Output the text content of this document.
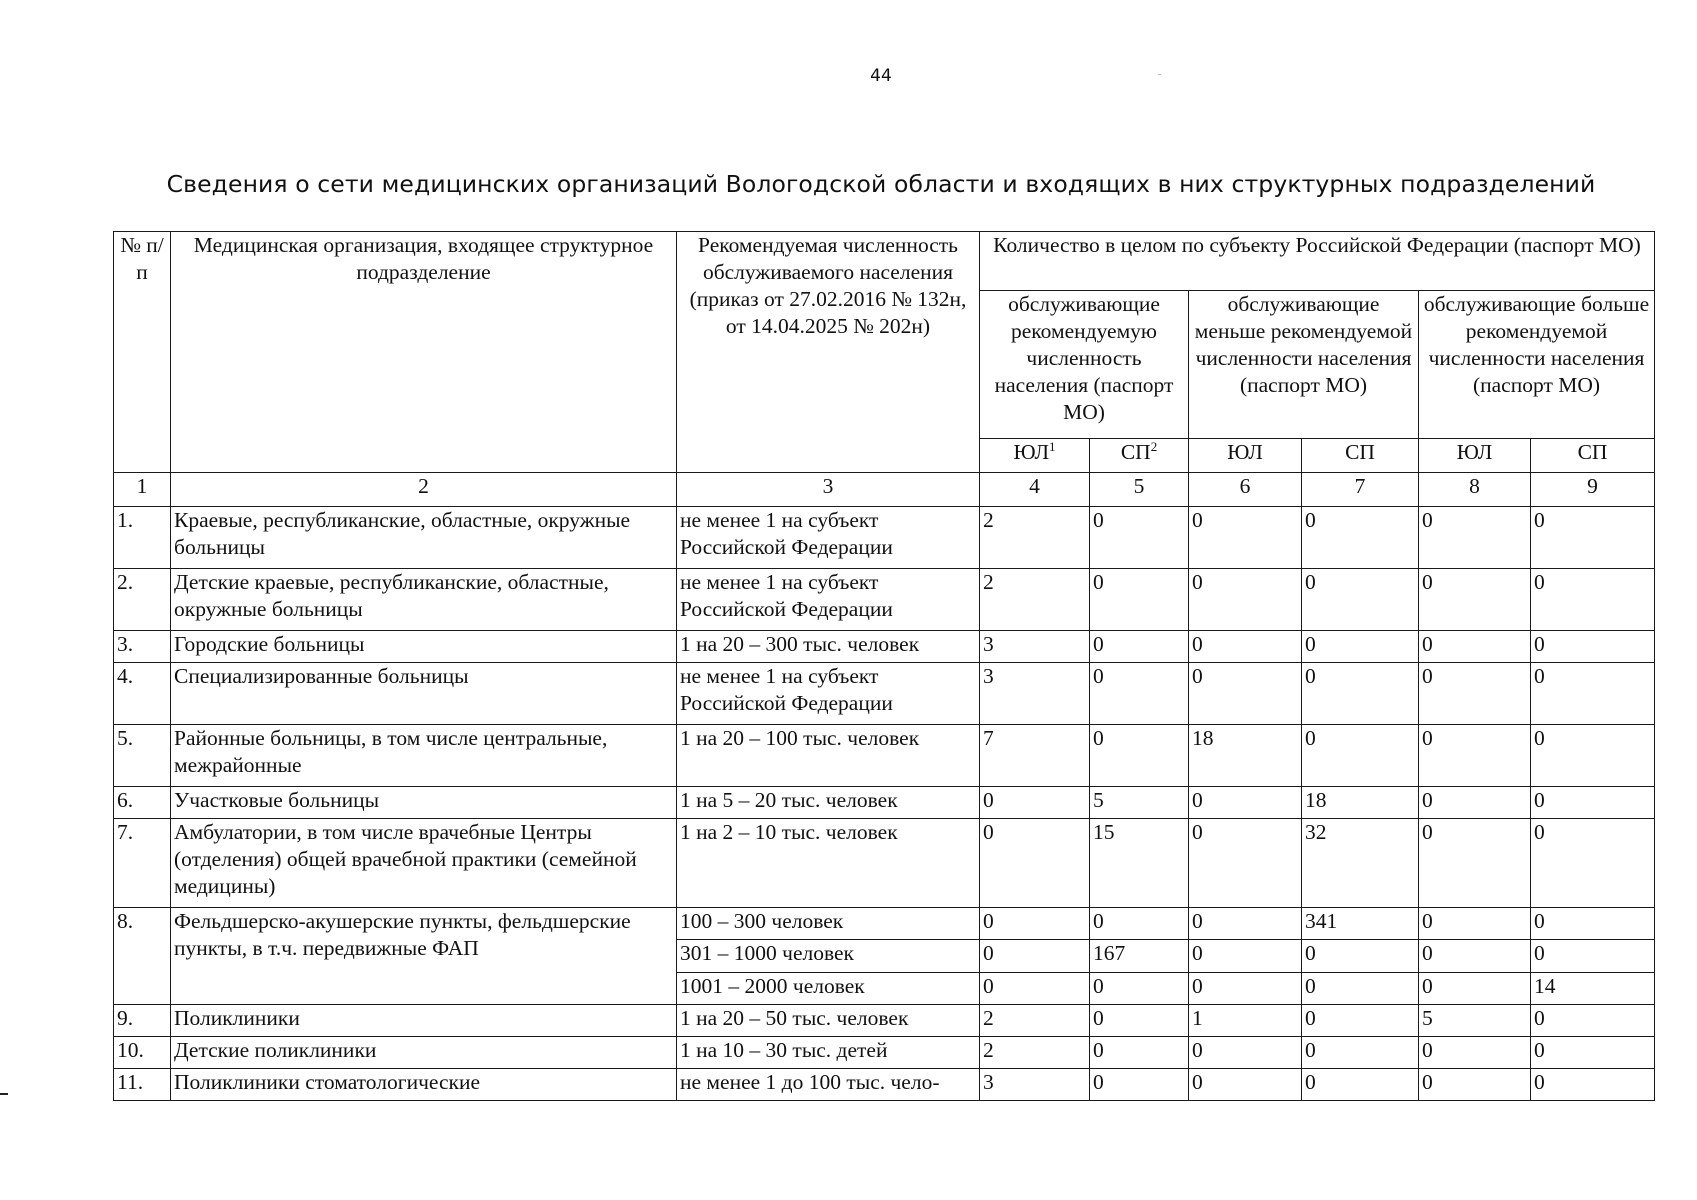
44
Сведения о сети медицинских организаций Вологодской области и входящих в них структурных подразделений
№ п/п	Медицинская организация, входящее структурное подразделение	Рекомендуемая численность обслуживаемого населения (приказ от 27.02.2016 № 132н, от 14.04.2025 № 202н)	Количество в целом по субъекту Российской Федерации (паспорт МО)					
			обслуживающие рекомендуемую численность населения (паспорт МО)		обслуживающие меньше рекомендуемой численности населения (паспорт МО)		обслуживающие больше рекомендуемой численности населения (паспорт МО)	
			$ЮЛ^1$	$СП^2$	ЮЛ	СП	ЮЛ	СП
1	2	3	4	5	6	7	8	9
1.	Краевые, республиканские, областные, окружные больницы	не менее 1 на субъект Российской Федерации	2	0	0	0	0	0
2.	Детские краевые, республиканские, областные, окружные больницы	не менее 1 на субъект Российской Федерации	2	0	0	0	0	0
3.	Городские больницы	1 на 20 – 300 тыс. человек	3	0	0	0	0	0
4.	Специализированные больницы	не менее 1 на субъект Российской Федерации	3	0	0	0	0	0
5.	Районные больницы, в том числе центральные, межрайонные	1 на 20 – 100 тыс. человек	7	0	18	0	0	0
6.	Участковые больницы	1 на 5 – 20 тыс. человек	0	5	0	18	0	0
7.	Амбулатории, в том числе врачебные Центры (отделения) общей врачебной практики (семейной медицины)	1 на 2 – 10 тыс. человек	0	15	0	32	0	0
8.	Фельдшерско-акушерские пункты, фельдшерские пункты, в т.ч. передвижные ФАП	100 – 300 человек	0	0	0	341	0	0
		301 – 1000 человек	0	167	0	0	0	0
		1001 – 2000 человек	0	0	0	0	0	14
9.	Поликлиники	1 на 20 – 50 тыс. человек	2	0	1	0	5	0
10.	Детские поликлиники	1 на 10 – 30 тыс. детей	2	0	0	0	0	0
11.	Поликлиники стоматологические	не менее 1 до 100 тыс. чело-	3	0	0	0	0	0
